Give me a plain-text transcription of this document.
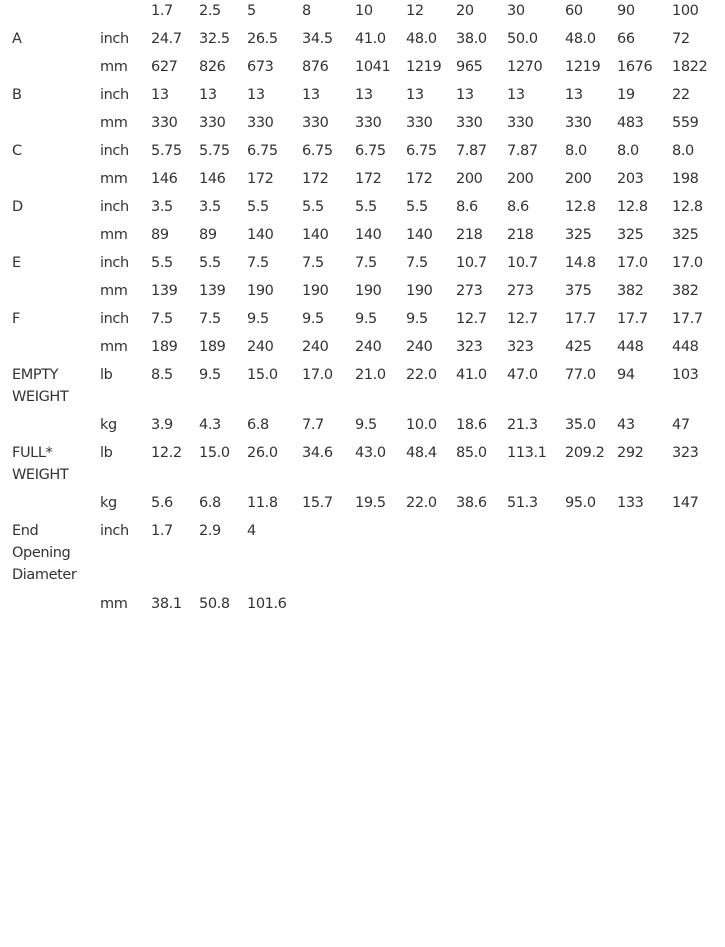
		1.7	2.5	5	8	10	12	20	30	60	90	100
A	inch	24.7	32.5	26.5	34.5	41.0	48.0	38.0	50.0	48.0	66	72
	mm	627	826	673	876	1041	1219	965	1270	1219	1676	1822
B	inch	13	13	13	13	13	13	13	13	13	19	22
	mm	330	330	330	330	330	330	330	330	330	483	559
C	inch	5.75	5.75	6.75	6.75	6.75	6.75	7.87	7.87	8.0	8.0	8.0
	mm	146	146	172	172	172	172	200	200	200	203	198
D	inch	3.5	3.5	5.5	5.5	5.5	5.5	8.6	8.6	12.8	12.8	12.8
	mm	89	89	140	140	140	140	218	218	325	325	325
E	inch	5.5	5.5	7.5	7.5	7.5	7.5	10.7	10.7	14.8	17.0	17.0
	mm	139	139	190	190	190	190	273	273	375	382	382
F	inch	7.5	7.5	9.5	9.5	9.5	9.5	12.7	12.7	17.7	17.7	17.7
	mm	189	189	240	240	240	240	323	323	425	448	448
EMPTY WEIGHT	lb	8.5	9.5	15.0	17.0	21.0	22.0	41.0	47.0	77.0	94	103
	kg	3.9	4.3	6.8	7.7	9.5	10.0	18.6	21.3	35.0	43	47
FULL* WEIGHT	lb	12.2	15.0	26.0	34.6	43.0	48.4	85.0	113.1	209.2	292	323
	kg	5.6	6.8	11.8	15.7	19.5	22.0	38.6	51.3	95.0	133	147
End Opening Diameter	inch	1.7	2.9	4								
	mm	38.1	50.8	101.6								
